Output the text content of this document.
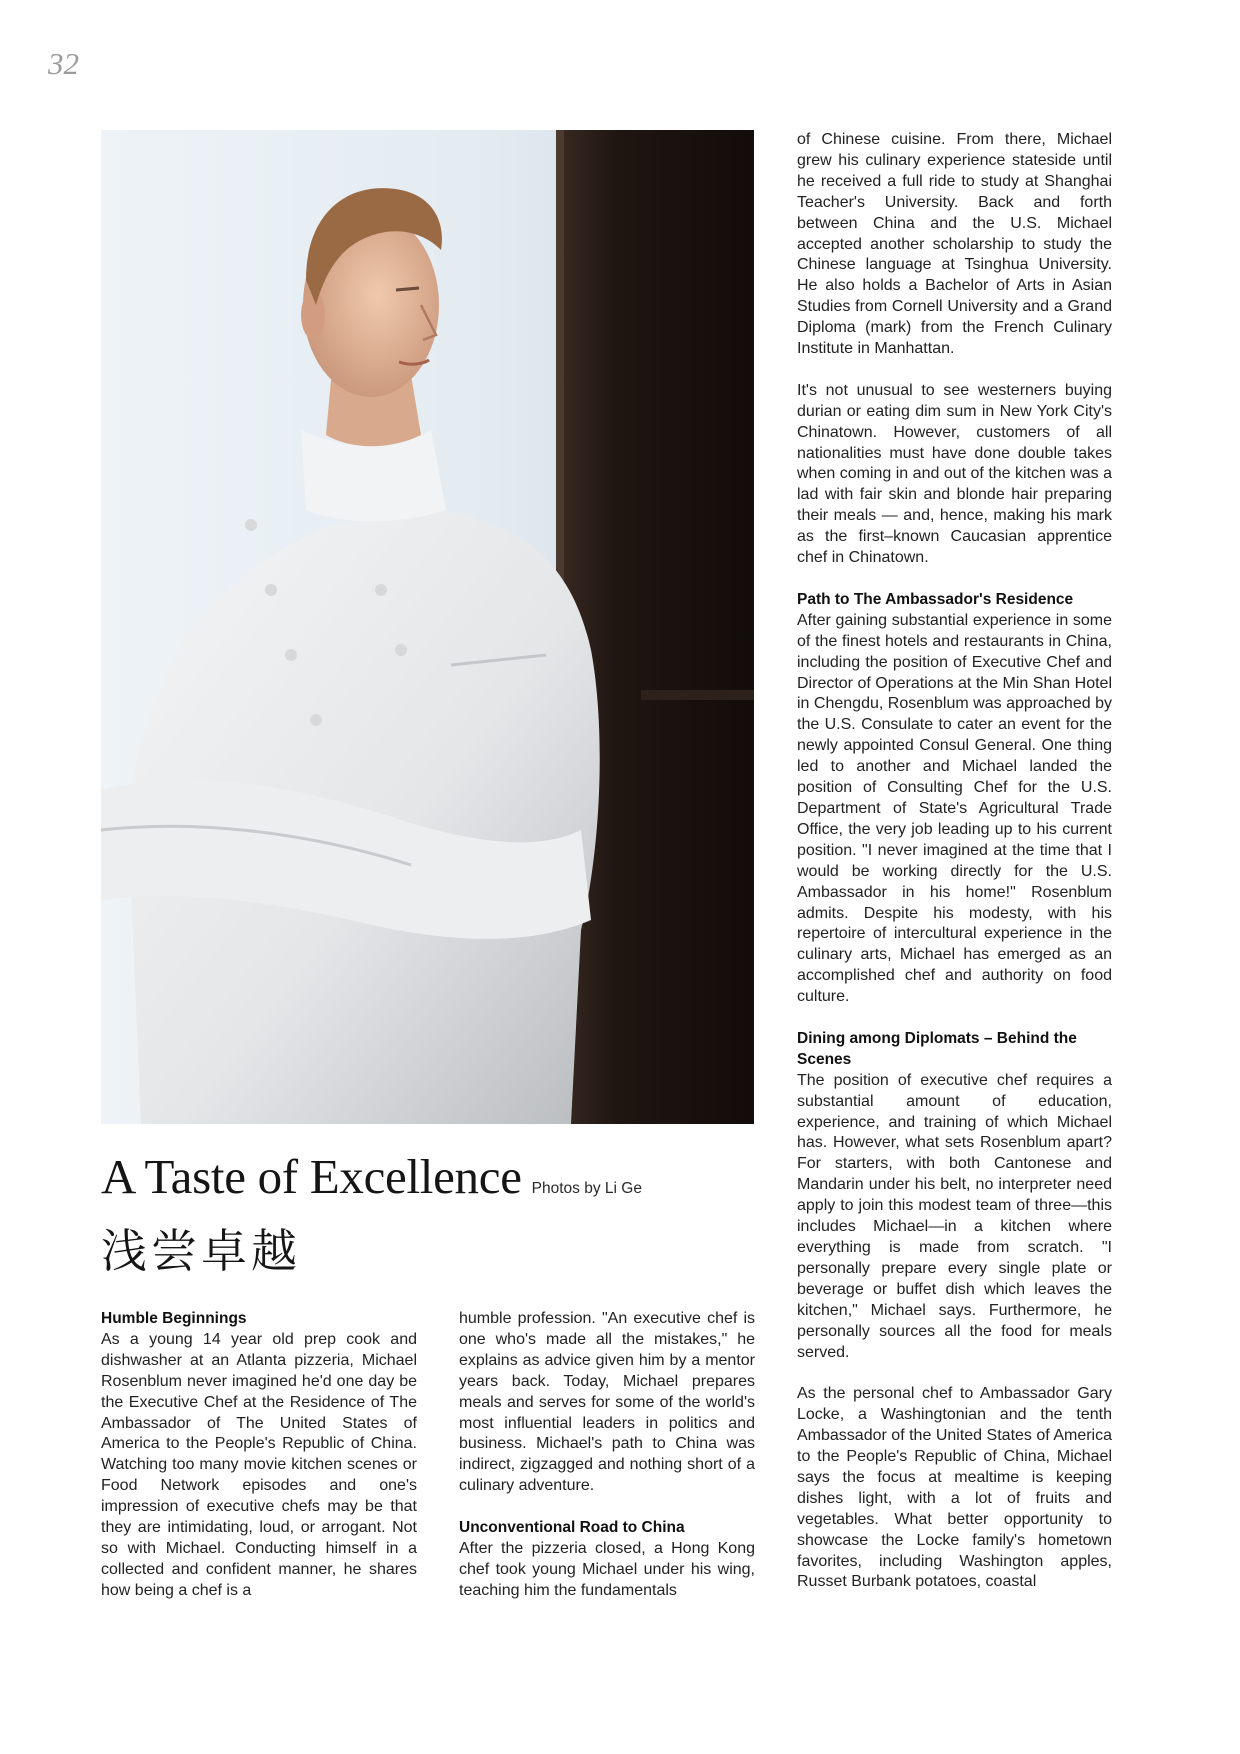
32
A Taste of Excellence Photos by Li Ge
浅尝卓越
Humble Beginnings

As a young 14 year old prep cook and dishwasher at an Atlanta pizzeria, Michael Rosenblum never imagined he'd one day be the Executive Chef at the Residence of The Ambassador of The United States of America to the People's Republic of China. Watching too many movie kitchen scenes or Food Network episodes and one's impression of executive chefs may be that they are intimidating, loud, or arrogant. Not so with Michael. Conducting himself in a collected and confident manner, he shares how being a chef is a

humble profession. "An executive chef is one who's made all the mistakes," he explains as advice given him by a mentor years back. Today, Michael prepares meals and serves for some of the world's most influential leaders in politics and business. Michael's path to China was indirect, zigzagged and nothing short of a culinary adventure.

Unconventional Road to China

After the pizzeria closed, a Hong Kong chef took young Michael under his wing, teaching him the fundamentals

of Chinese cuisine. From there, Michael grew his culinary experience stateside until he received a full ride to study at Shanghai Teacher's University. Back and forth between China and the U.S. Michael accepted another scholarship to study the Chinese language at Tsinghua University. He also holds a Bachelor of Arts in Asian Studies from Cornell University and a Grand Diploma (mark) from the French Culinary Institute in Manhattan.

It's not unusual to see westerners buying durian or eating dim sum in New York City's Chinatown. However, customers of all nationalities must have done double takes when coming in and out of the kitchen was a lad with fair skin and blonde hair preparing their meals — and, hence, making his mark as the first–known Caucasian apprentice chef in Chinatown.

Path to The Ambassador's Residence

After gaining substantial experience in some of the finest hotels and restaurants in China, including the position of Executive Chef and Director of Operations at the Min Shan Hotel in Chengdu, Rosenblum was approached by the U.S. Consulate to cater an event for the newly appointed Consul General. One thing led to another and Michael landed the position of Consulting Chef for the U.S. Department of State's Agricultural Trade Office, the very job leading up to his current position. "I never imagined at the time that I would be working directly for the U.S. Ambassador in his home!" Rosenblum admits. Despite his modesty, with his repertoire of intercultural experience in the culinary arts, Michael has emerged as an accomplished chef and authority on food culture.

Dining among Diplomats – Behind the Scenes

The position of executive chef requires a substantial amount of education, experience, and training of which Michael has. However, what sets Rosenblum apart? For starters, with both Cantonese and Mandarin under his belt, no interpreter need apply to join this modest team of three—this includes Michael—in a kitchen where everything is made from scratch. "I personally prepare every single plate or beverage or buffet dish which leaves the kitchen," Michael says. Furthermore, he personally sources all the food for meals served.

As the personal chef to Ambassador Gary Locke, a Washingtonian and the tenth Ambassador of the United States of America to the People's Republic of China, Michael says the focus at mealtime is keeping dishes light, with a lot of fruits and vegetables. What better opportunity to showcase the Locke family's hometown favorites, including Washington apples, Russet Burbank potatoes, coastal
